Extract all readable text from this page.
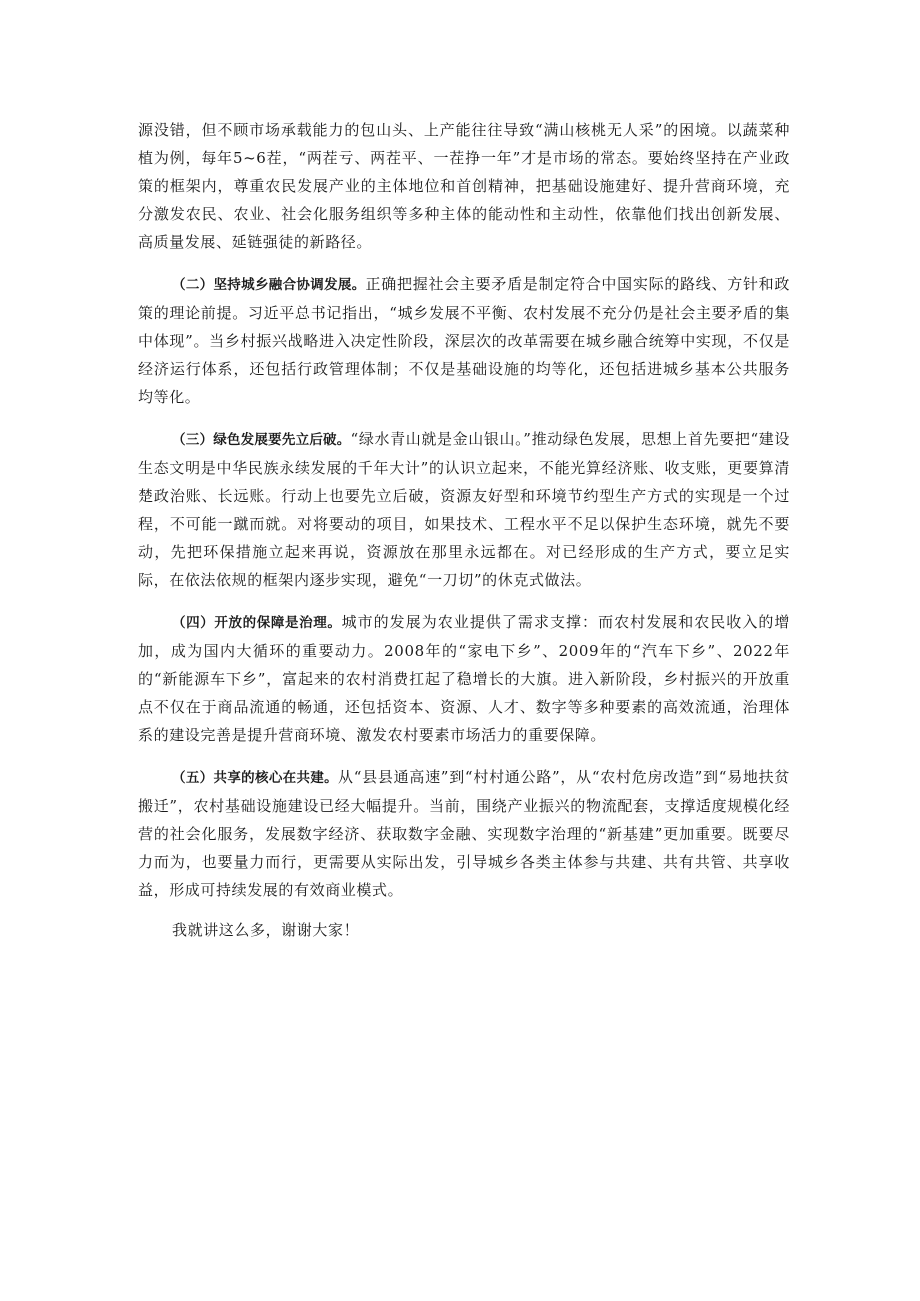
源没错，但不顾市场承载能力的包山头、上产能往往导致“满山核桃无人采”的困境。以蔬菜种植为例，每年5~6茬，“两茬亏、两茬平、一茬挣一年”才是市场的常态。要始终坚持在产业政策的框架内，尊重农民发展产业的主体地位和首创精神，把基础设施建好、提升营商环境，充分激发农民、农业、社会化服务组织等多种主体的能动性和主动性，依靠他们找出创新发展、高质量发展、延链强徒的新路径。

（二）坚持城乡融合协调发展。正确把握社会主要矛盾是制定符合中国实际的路线、方针和政策的理论前提。习近平总书记指出，“城乡发展不平衡、农村发展不充分仍是社会主要矛盾的集中体现”。当乡村振兴战略进入决定性阶段，深层次的改革需要在城乡融合统筹中实现，不仅是经济运行体系，还包括行政管理体制；不仅是基础设施的均等化，还包括进城乡基本公共服务均等化。

（三）绿色发展要先立后破。“绿水青山就是金山银山。”推动绿色发展，思想上首先要把“建设生态文明是中华民族永续发展的千年大计”的认识立起来，不能光算经济账、收支账，更要算清楚政治账、长远账。行动上也要先立后破，资源友好型和环境节约型生产方式的实现是一个过程，不可能一蹴而就。对将要动的项目，如果技术、工程水平不足以保护生态环境，就先不要动，先把环保措施立起来再说，资源放在那里永远都在。对已经形成的生产方式，要立足实际，在依法依规的框架内逐步实现，避免“一刀切”的休克式做法。

（四）开放的保障是治理。城市的发展为农业提供了需求支撑：而农村发展和农民收入的增加，成为国内大循环的重要动力。2008年的“家电下乡”、2009年的“汽车下乡”、2022年的“新能源车下乡”，富起来的农村消费扛起了稳增长的大旗。进入新阶段，乡村振兴的开放重点不仅在于商品流通的畅通，还包括资本、资源、人才、数字等多种要素的高效流通，治理体系的建设完善是提升营商环境、激发农村要素市场活力的重要保障。

（五）共享的核心在共建。从“县县通高速”到“村村通公路”，从“农村危房改造”到“易地扶贫搬迁”，农村基础设施建设已经大幅提升。当前，围绕产业振兴的物流配套，支撑适度规模化经营的社会化服务，发展数字经济、获取数字金融、实现数字治理的“新基建”更加重要。既要尽力而为，也要量力而行，更需要从实际出发，引导城乡各类主体参与共建、共有共管、共享收益，形成可持续发展的有效商业模式。

我就讲这么多，谢谢大家！
